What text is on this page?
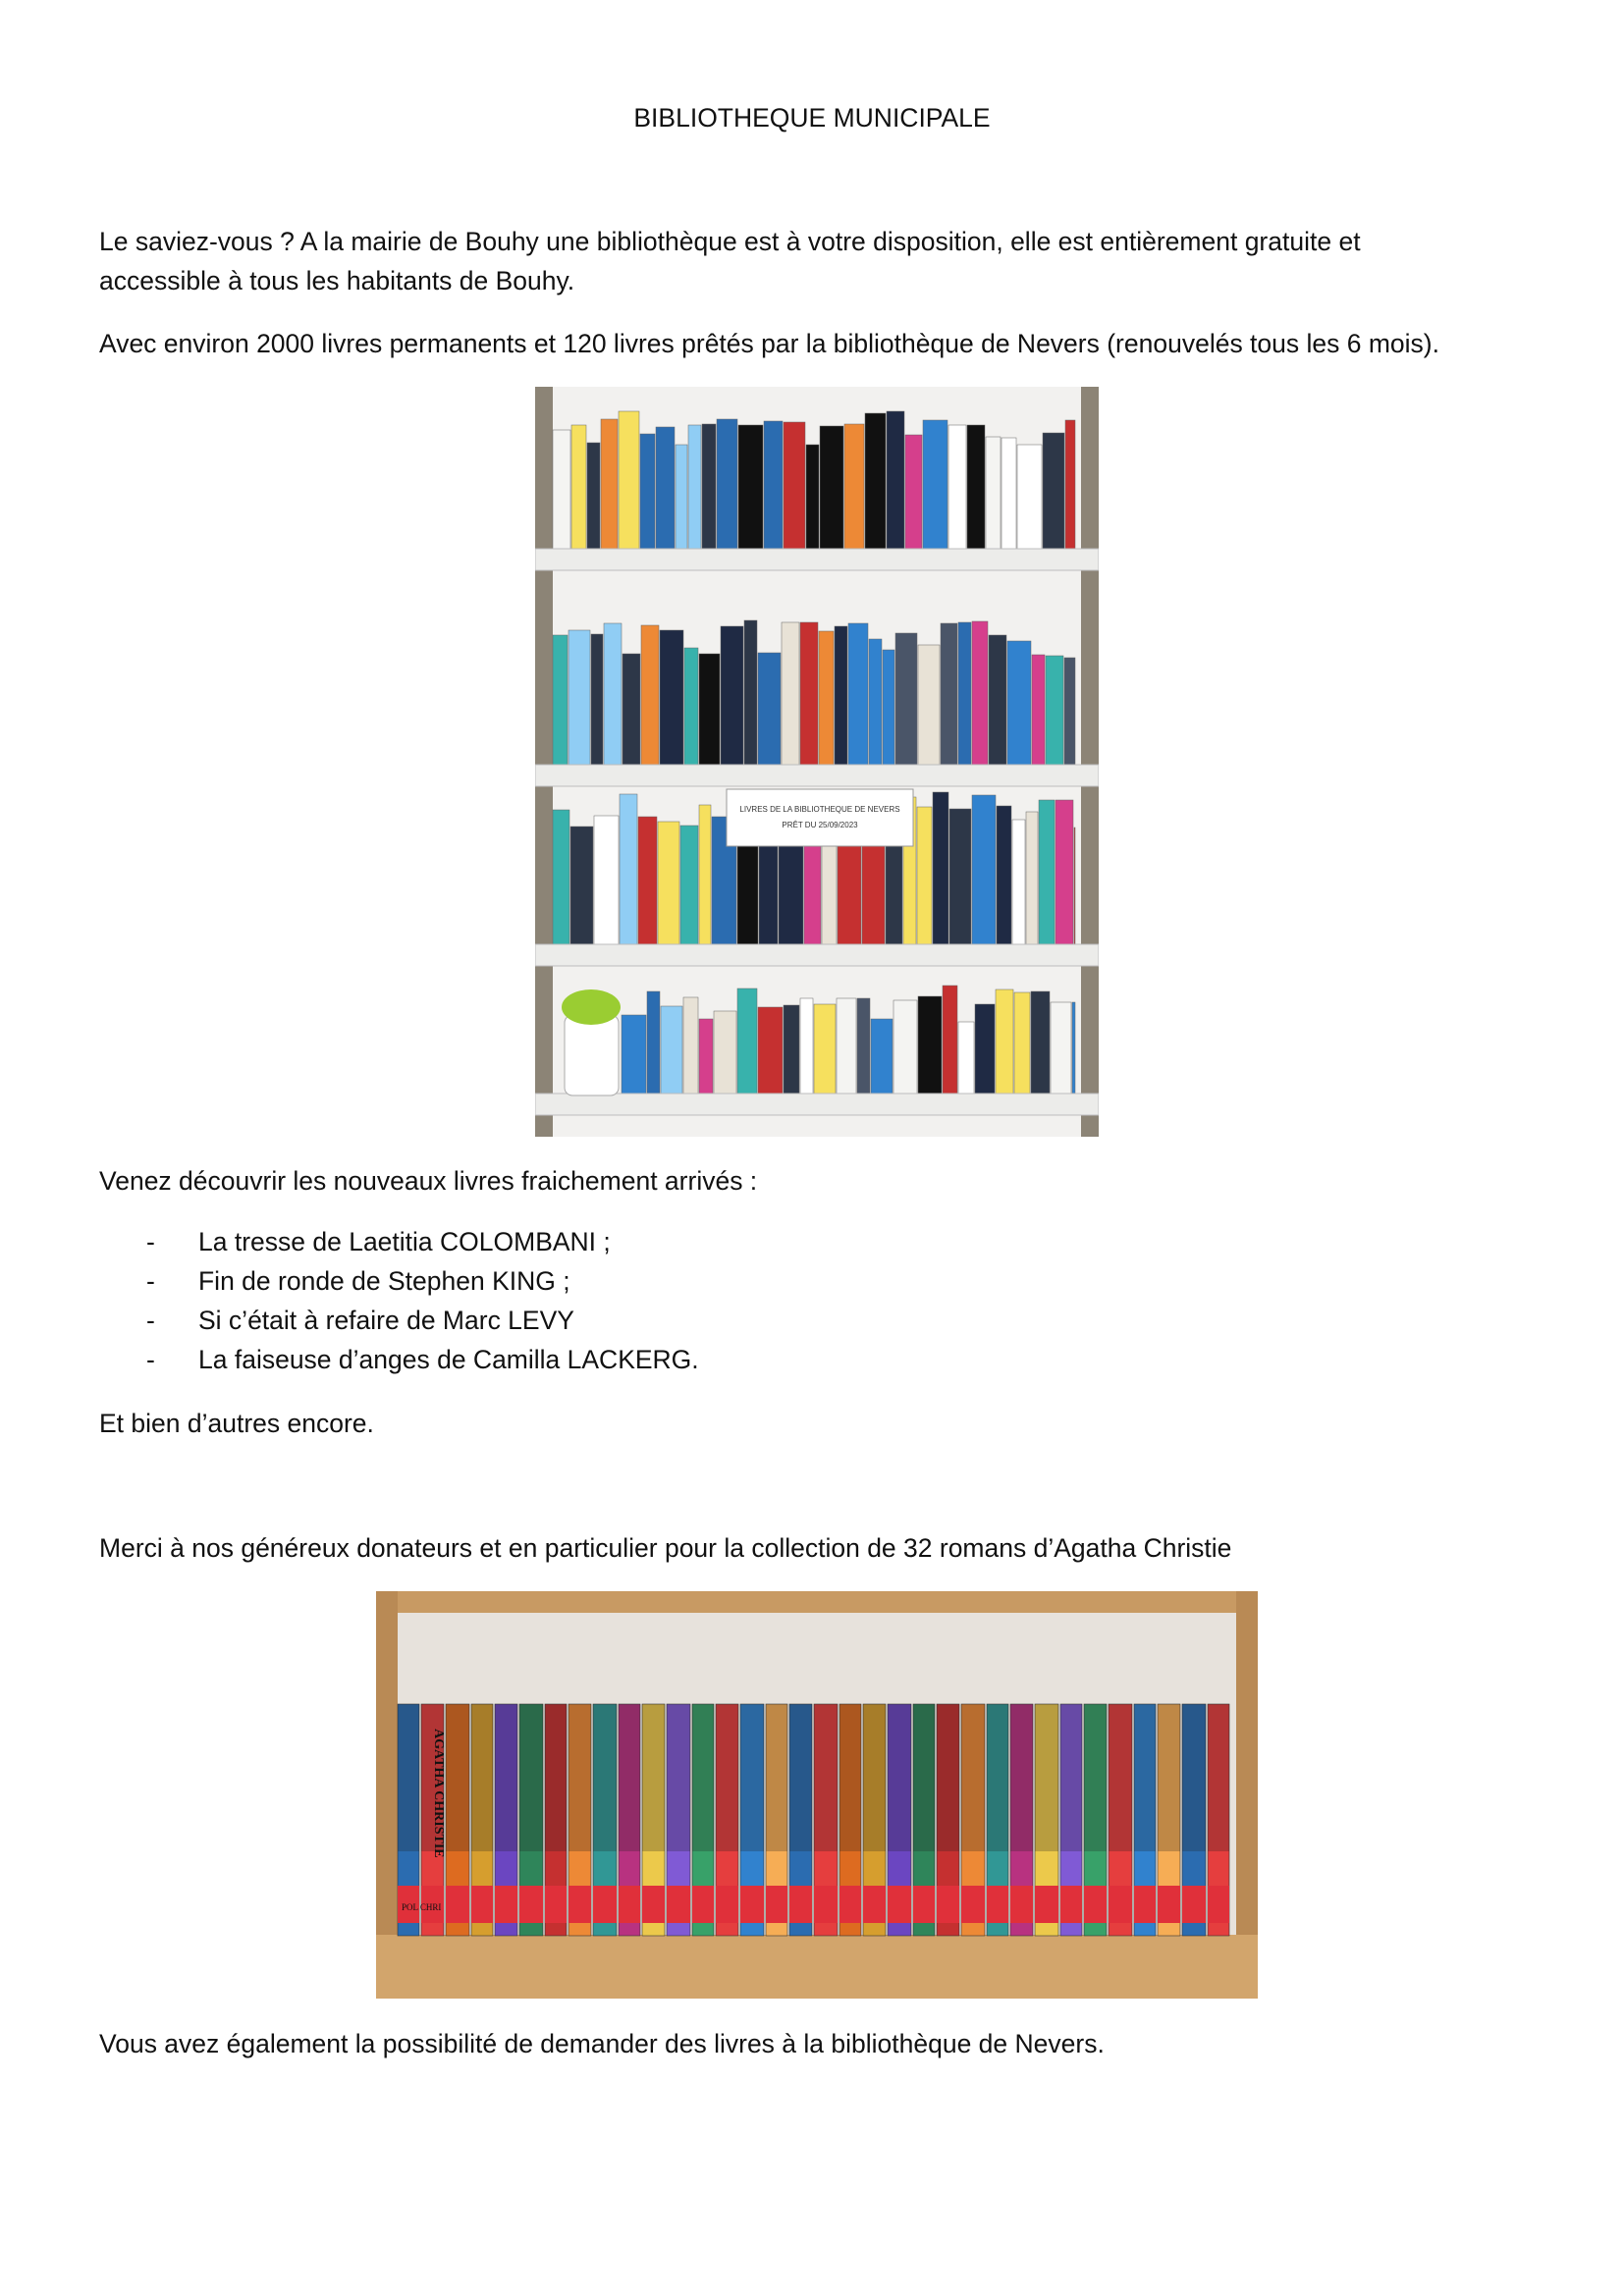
BIBLIOTHEQUE MUNICIPALE
Le saviez-vous ? A la mairie de Bouhy une bibliothèque est à votre disposition, elle est entièrement gratuite et
accessible à tous les habitants de Bouhy.
Avec environ 2000 livres permanents et 120 livres prêtés par la bibliothèque de Nevers (renouvelés tous les 6 mois).
LIVRES DE LA BIBLIOTHEQUE DE NEVERS
PRÊT DU 25/09/2023
Venez découvrir les nouveaux livres fraichement arrivés :
- La tresse de Laetitia COLOMBANI ;
- Fin de ronde de Stephen KING ;
- Si c’était à refaire de Marc LEVY
- La faiseuse d’anges de Camilla LACKERG.
Et bien d’autres encore.
Merci à nos généreux donateurs et en particulier pour la collection de 32 romans d’Agatha Christie
AGATHA CHRISTIE
POL CHRI
Vous avez également la possibilité de demander des livres à la bibliothèque de Nevers.
